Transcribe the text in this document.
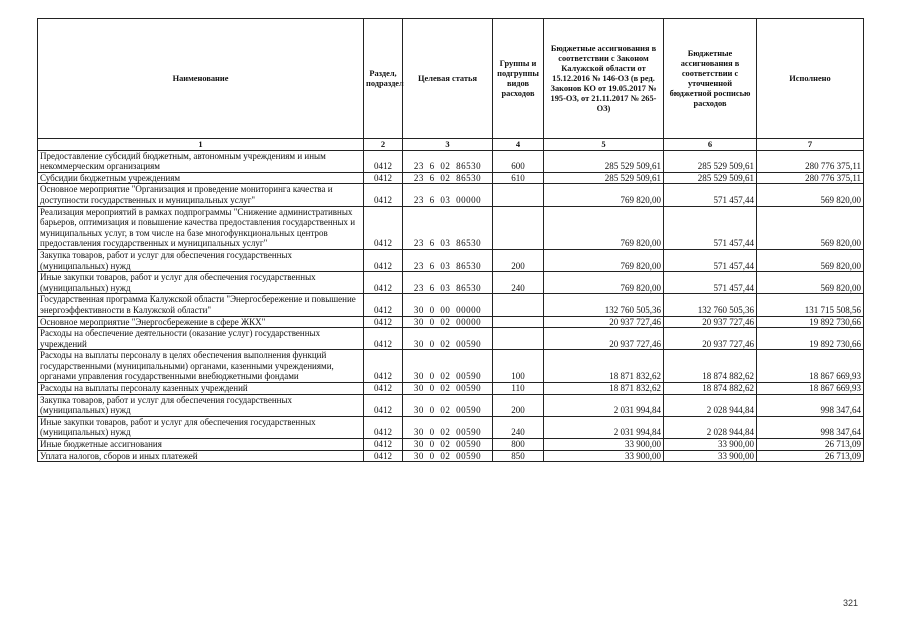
Наименование	Раздел, подраздел	Целевая статья	Группы и подгруппы видов расходов	Бюджетные ассигнования в соответствии с Законом Калужской области от 15.12.2016 № 146-ОЗ (в ред. Законов КО от 19.05.2017 № 195-ОЗ, от 21.11.2017 № 265-ОЗ)	Бюджетные ассигнования в соответствии с уточненной бюджетной росписью расходов	Исполнено
1	2	3	4	5	6	7
Предоставление субсидий бюджетным, автономным учреждениям и иным некоммерческим организациям	0412	23 6 02 86530	600	285 529 509,61	285 529 509,61	280 776 375,11
Субсидии бюджетным учреждениям	0412	23 6 02 86530	610	285 529 509,61	285 529 509,61	280 776 375,11
Основное мероприятие "Организация и проведение мониторинга качества и доступности государственных и муниципальных услуг"	0412	23 6 03 00000		769 820,00	571 457,44	569 820,00
Реализация мероприятий в рамках подпрограммы "Снижение административных барьеров, оптимизация и повышение качества предоставления государственных и муниципальных услуг, в том числе на базе многофункциональных центров предоставления государственных и муниципальных услуг"	0412	23 6 03 86530		769 820,00	571 457,44	569 820,00
Закупка товаров, работ и услуг для обеспечения государственных (муниципальных) нужд	0412	23 6 03 86530	200	769 820,00	571 457,44	569 820,00
Иные закупки товаров, работ и услуг для обеспечения государственных (муниципальных) нужд	0412	23 6 03 86530	240	769 820,00	571 457,44	569 820,00
Государственная программа Калужской области "Энергосбережение и повышение энергоэффективности в Калужской области"	0412	30 0 00 00000		132 760 505,36	132 760 505,36	131 715 508,56
Основное мероприятие "Энергосбережение в сфере ЖКХ"	0412	30 0 02 00000		20 937 727,46	20 937 727,46	19 892 730,66
Расходы на обеспечение деятельности (оказание услуг) государственных учреждений	0412	30 0 02 00590		20 937 727,46	20 937 727,46	19 892 730,66
Расходы на выплаты персоналу в целях обеспечения выполнения функций государственными (муниципальными) органами, казенными учреждениями, органами управления государственными внебюджетными фондами	0412	30 0 02 00590	100	18 871 832,62	18 874 882,62	18 867 669,93
Расходы на выплаты персоналу казенных учреждений	0412	30 0 02 00590	110	18 871 832,62	18 874 882,62	18 867 669,93
Закупка товаров, работ и услуг для обеспечения государственных (муниципальных) нужд	0412	30 0 02 00590	200	2 031 994,84	2 028 944,84	998 347,64
Иные закупки товаров, работ и услуг для обеспечения государственных (муниципальных) нужд	0412	30 0 02 00590	240	2 031 994,84	2 028 944,84	998 347,64
Иные бюджетные ассигнования	0412	30 0 02 00590	800	33 900,00	33 900,00	26 713,09
Уплата налогов, сборов и иных платежей	0412	30 0 02 00590	850	33 900,00	33 900,00	26 713,09
321
